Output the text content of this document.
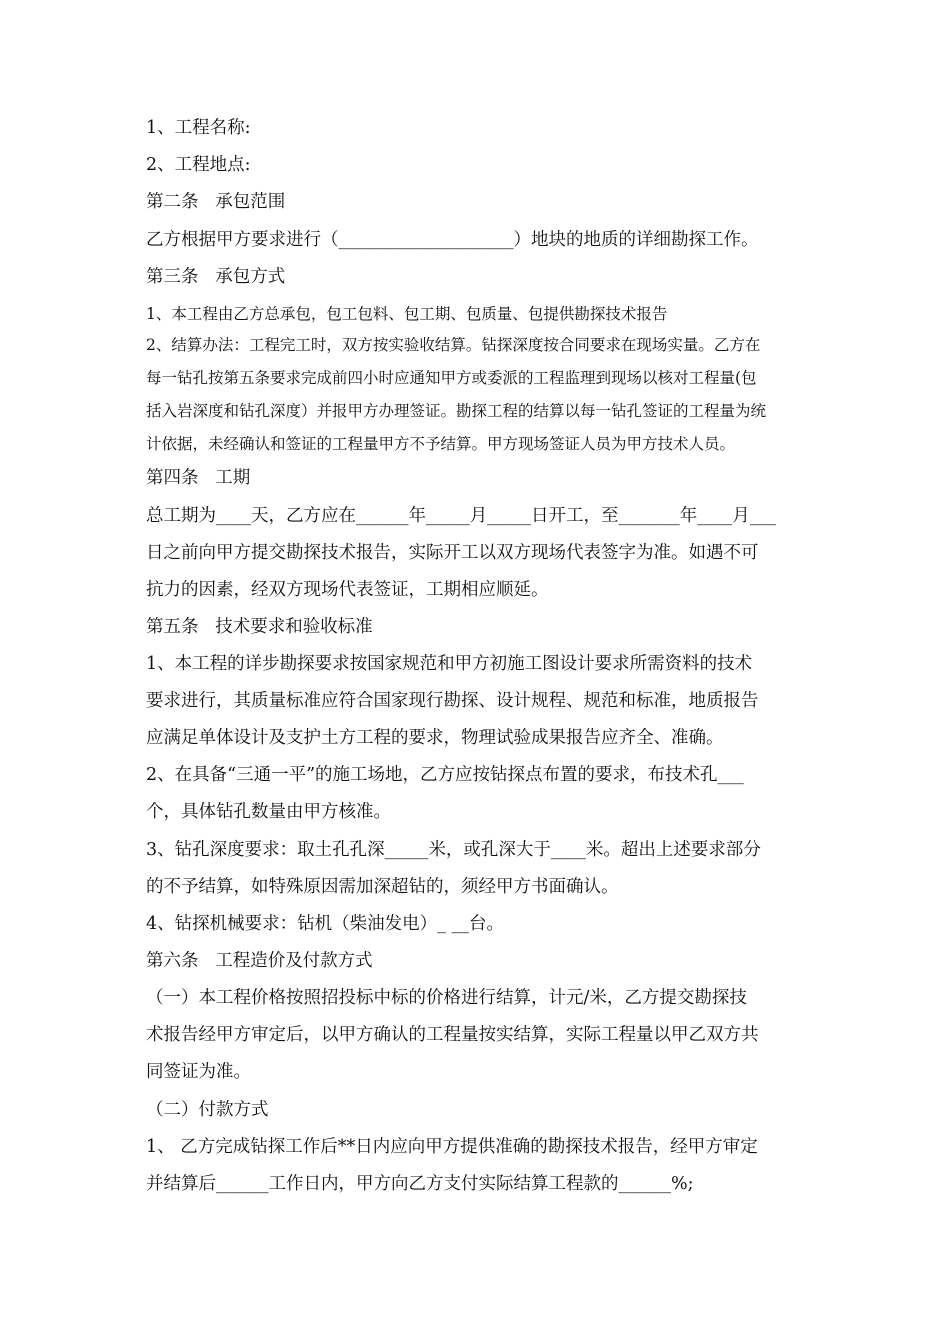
1、工程名称:
2、工程地点:
第二条   承包范围
乙方根据甲方要求进行（____________________）地块的地质的详细勘探工作。
第三条   承包方式
1、本工程由乙方总承包，包工包料、包工期、包质量、包提供勘探技术报告
2、结算办法：工程完工时，双方按实验收结算。钻探深度按合同要求在现场实量。乙方在
每一钻孔按第五条要求完成前四小时应通知甲方或委派的工程监理到现场以核对工程量(包
括入岩深度和钻孔深度）并报甲方办理签证。勘探工程的结算以每一钻孔签证的工程量为统
计依据，未经确认和签证的工程量甲方不予结算。甲方现场签证人员为甲方技术人员。
第四条   工期
总工期为____天，乙方应在______年_____月_____日开工，至_______年____月___
日之前向甲方提交勘探技术报告，实际开工以双方现场代表签字为准。如遇不可
抗力的因素，经双方现场代表签证，工期相应顺延。
第五条   技术要求和验收标准
1、本工程的详步勘探要求按国家规范和甲方初施工图设计要求所需资料的技术
要求进行，其质量标准应符合国家现行勘探、设计规程、规范和标准，地质报告
应满足单体设计及支护土方工程的要求，物理试验成果报告应齐全、准确。
2、在具备“三通一平”的施工场地，乙方应按钻探点布置的要求，布技术孔___
个，具体钻孔数量由甲方核准。
3、钻孔深度要求：取土孔孔深_____米，或孔深大于____米。超出上述要求部分
的不予结算，如特殊原因需加深超钻的，须经甲方书面确认。
4、钻探机械要求：钻机（柴油发电）_ __台。
第六条   工程造价及付款方式
（一）本工程价格按照招投标中标的价格进行结算，计元/米，乙方提交勘探技
术报告经甲方审定后，以甲方确认的工程量按实结算，实际工程量以甲乙双方共
同签证为准。
（二）付款方式
1、 乙方完成钻探工作后**日内应向甲方提供准确的勘探技术报告，经甲方审定
并结算后______工作日内，甲方向乙方支付实际结算工程款的______%;
